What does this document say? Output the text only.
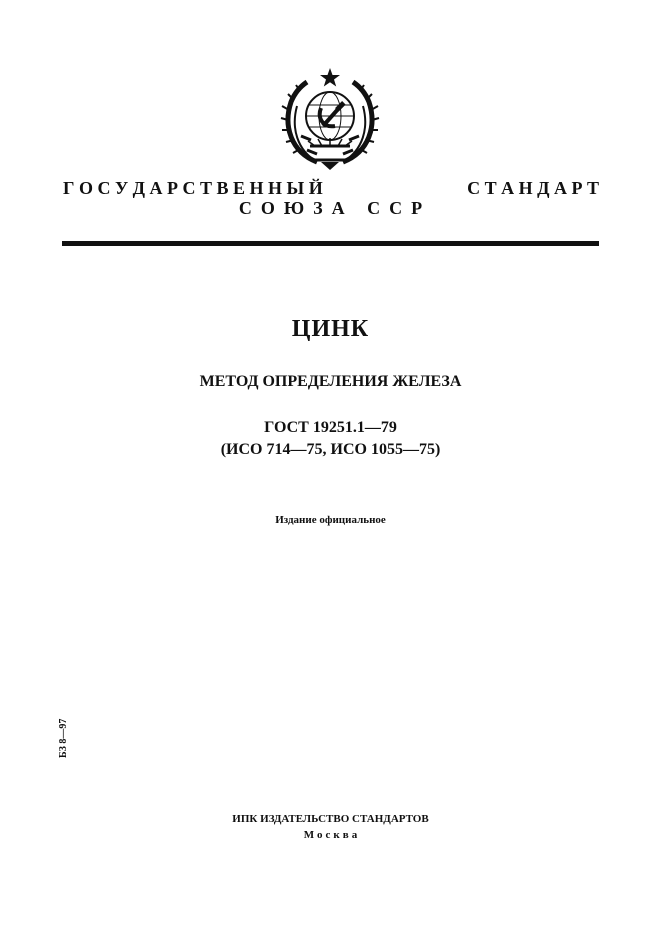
Г О С У Д А Р С Т В Е Н Н Ы Й	С Т А Н Д А Р Т
СОЮЗА ССР
ЦИНК
МЕТОД ОПРЕДЕЛЕНИЯ ЖЕЛЕЗА
ГОСТ 19251.1—79
(ИСО 714—75, ИСО 1055—75)
Издание официальное
БЗ 8—97
ИПК ИЗДАТЕЛЬСТВО СТАНДАРТОВ
Москва
